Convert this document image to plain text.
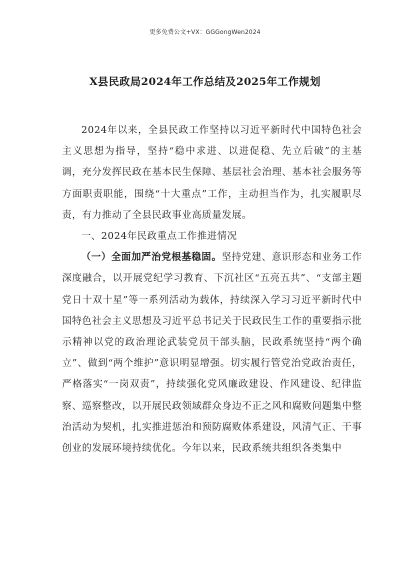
更多免费公文+VX：GGGongWen2024
X县民政局2024年工作总结及2025年工作规划

2024年以来，全县民政工作坚持以习近平新时代中国特色社会主义思想为指导，坚持“稳中求进、以进促稳、先立后破”的主基调，充分发挥民政在基本民生保障、基层社会治理、基本社会服务等方面职责职能，围绕“十大重点”工作，主动担当作为，扎实履职尽责，有力推动了全县民政事业高质量发展。

一、2024年民政重点工作推进情况

（一）全面加严治党根基稳固。坚持党建、意识形态和业务工作深度融合，以开展党纪学习教育、下沉社区“五亮五共”、“支部主题党日十双十星”等一系列活动为载体，持续深入学习习近平新时代中国特色社会主义思想及习近平总书记关于民政民生工作的重要指示批示精神以党的政治理论武装党员干部头脑，民政系统坚持“两个确立”、做到“两个维护”意识明显增强。切实履行管党治党政治责任，严格落实“一岗双责”，持续强化党风廉政建设、作风建设、纪律监察、巡察整改，以开展民政领域群众身边不正之风和腐败问题集中整治活动为契机，扎实推进惩治和预防腐败体系建设，风清气正、干事创业的发展环境持续优化。今年以来，民政系统共组织各类集中
